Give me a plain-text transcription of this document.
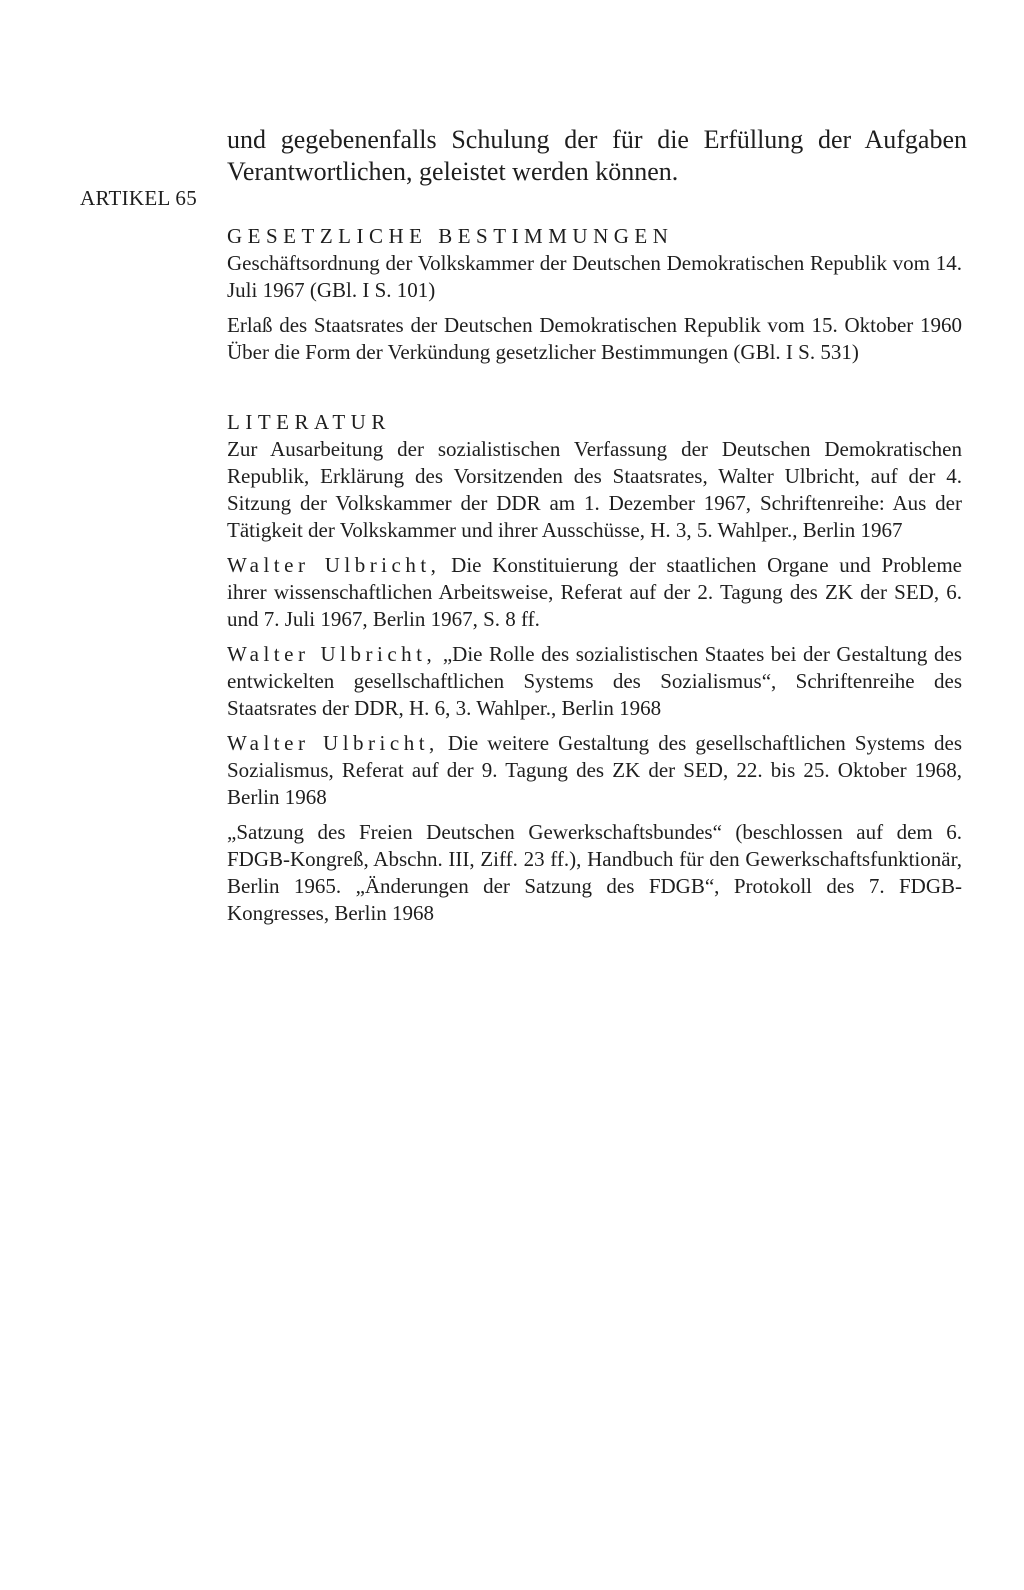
und gegebenenfalls Schulung der für die Erfüllung der Aufgaben
Verantwortlichen, geleistet werden können.
ARTIKEL 65
GESETZLICHE BESTIMMUNGEN

Geschäftsordnung der Volkskammer der Deutschen Demokratischen Republik vom 14. Juli 1967 (GBl. I S. 101)

Erlaß des Staatsrates der Deutschen Demokratischen Republik vom 15. Oktober 1960 Über die Form der Verkündung gesetzlicher Bestimmungen (GBl. I S. 531)

LITERATUR

Zur Ausarbeitung der sozialistischen Verfassung der Deutschen Demokratischen Republik, Erklärung des Vorsitzenden des Staatsrates, Walter Ulbricht, auf der 4. Sitzung der Volkskammer der DDR am 1. Dezember 1967, Schriftenreihe: Aus der Tätigkeit der Volkskammer und ihrer Ausschüsse, H. 3, 5. Wahlper., Berlin 1967

Walter Ulbricht, Die Konstituierung der staatlichen Organe und Probleme ihrer wissenschaftlichen Arbeitsweise, Referat auf der 2. Tagung des ZK der SED, 6. und 7. Juli 1967, Berlin 1967, S. 8 ff.

Walter Ulbricht, „Die Rolle des sozialistischen Staates bei der Gestaltung des entwickelten gesellschaftlichen Systems des Sozialismus“, Schriftenreihe des Staatsrates der DDR, H. 6, 3. Wahlper., Berlin 1968

Walter Ulbricht, Die weitere Gestaltung des gesellschaftlichen Systems des Sozialismus, Referat auf der 9. Tagung des ZK der SED, 22. bis 25. Oktober 1968, Berlin 1968

„Satzung des Freien Deutschen Gewerkschaftsbundes“ (beschlossen auf dem 6. FDGB-Kongreß, Abschn. III, Ziff. 23 ff.), Handbuch für den Gewerkschaftsfunktionär, Berlin 1965. „Änderungen der Satzung des FDGB“, Protokoll des 7. FDGB-Kongresses, Berlin 1968
